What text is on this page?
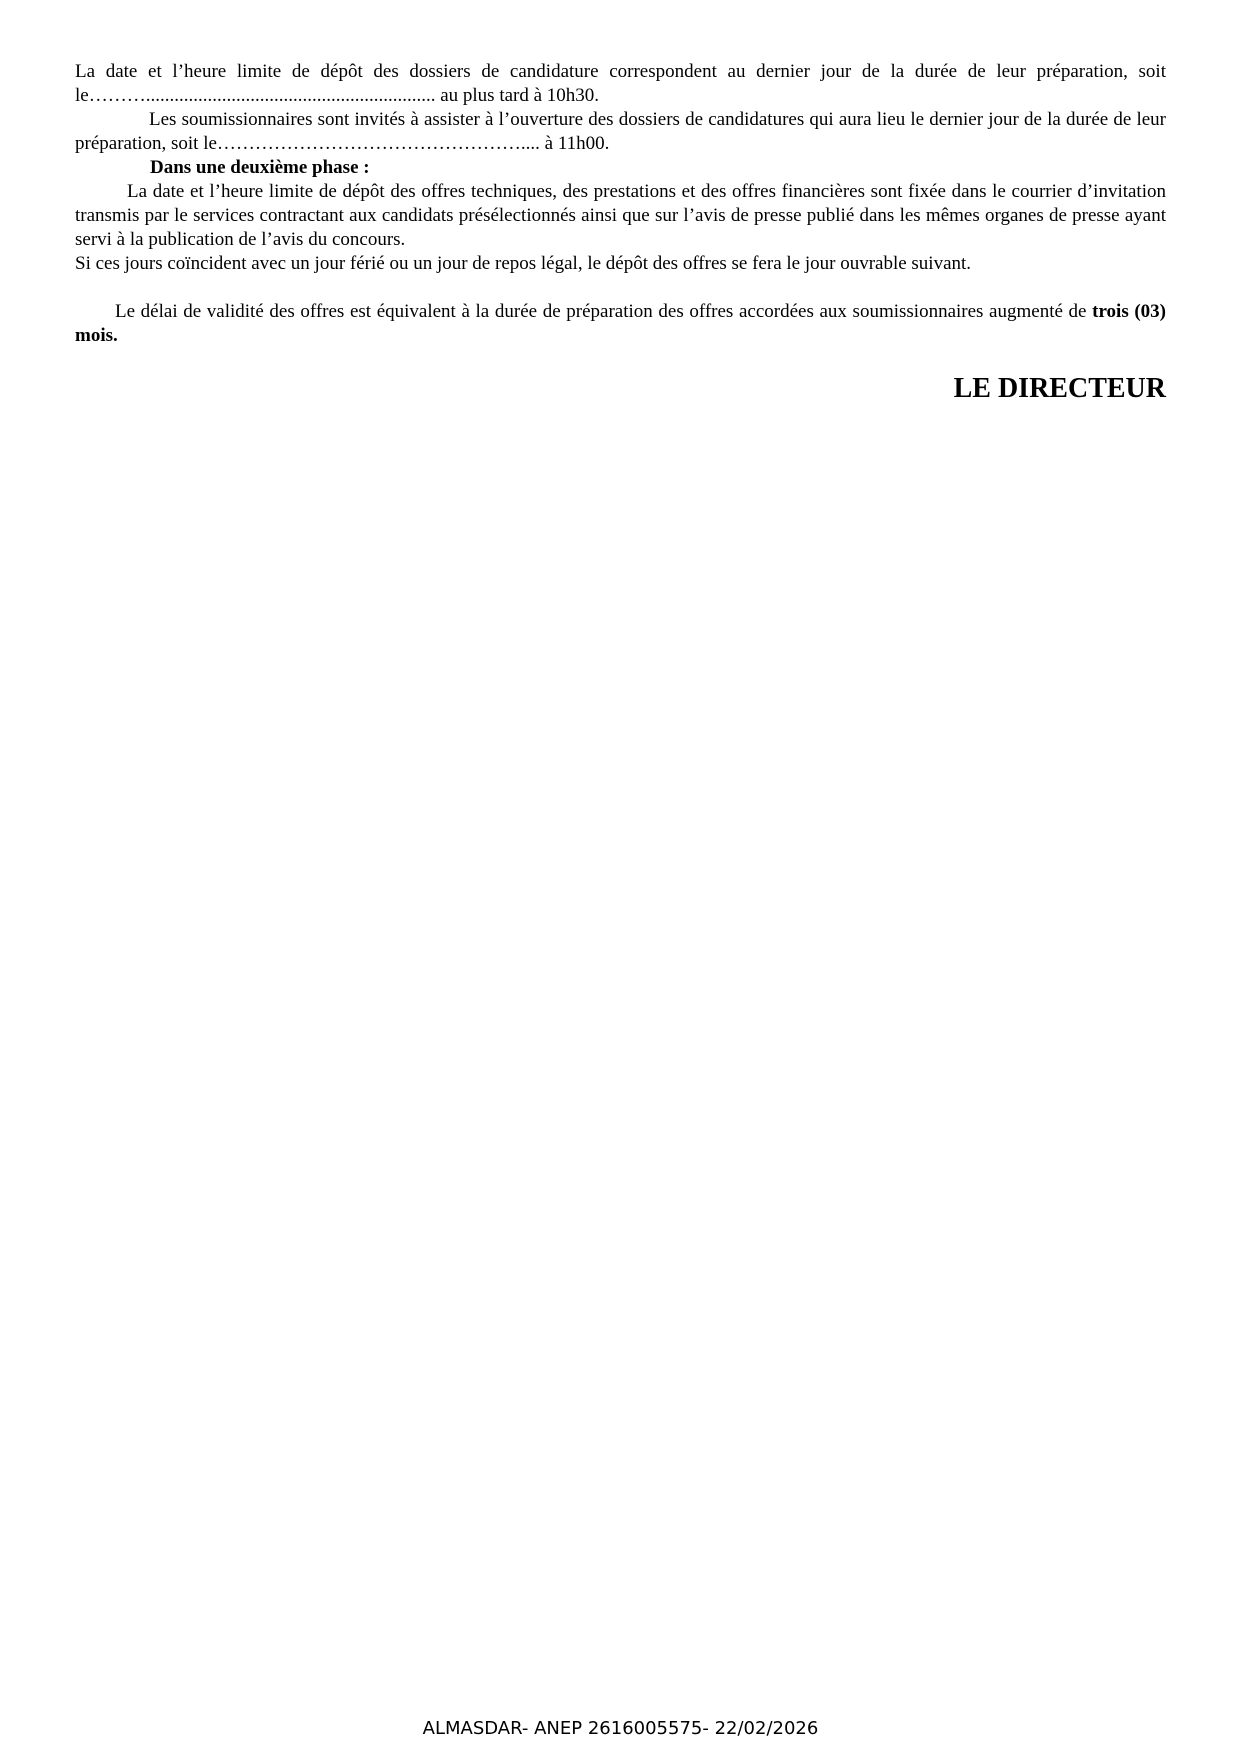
La date et l’heure limite de dépôt des dossiers de candidature correspondent au dernier jour de la durée de leur préparation, soit le………............................................................. au plus tard à 10h30.

Les soumissionnaires sont invités à assister à l’ouverture des dossiers de candidatures qui aura lieu le dernier jour de la durée de leur préparation, soit le………………………………………….... à 11h00.

Dans une deuxième phase :

La date et l’heure limite de dépôt des offres techniques, des prestations et des offres financières sont fixée dans le courrier d’invitation transmis par le services contractant aux candidats présélectionnés ainsi que sur l’avis de presse publié dans les mêmes organes de presse ayant servi à la publication de l’avis du concours.

Si ces jours coïncident avec un jour férié ou un jour de repos légal, le dépôt des offres se fera le jour ouvrable suivant.

Le délai de validité des offres est équivalent à la durée de préparation des offres accordées aux soumissionnaires augmenté de trois (03) mois.

LE DIRECTEUR
ALMASDAR- ANEP 2616005575- 22/02/2026
